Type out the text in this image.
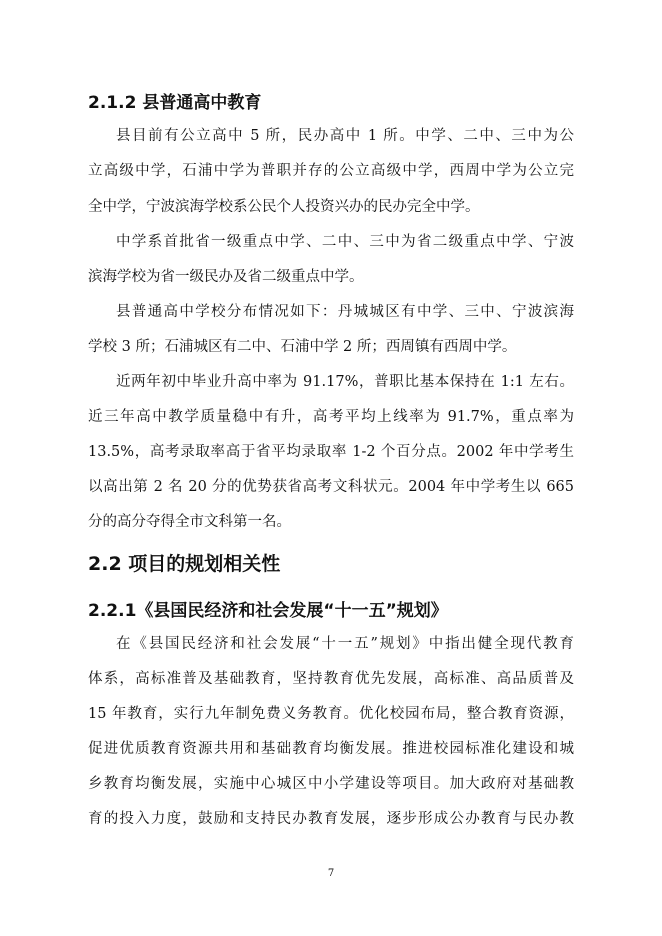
2.1.2 县普通高中教育

县目前有公立高中 5 所，民办高中 1 所。中学、二中、三中为公

立高级中学，石浦中学为普职并存的公立高级中学，西周中学为公立完

全中学，宁波滨海学校系公民个人投资兴办的民办完全中学。

中学系首批省一级重点中学、二中、三中为省二级重点中学、宁波

滨海学校为省一级民办及省二级重点中学。

县普通高中学校分布情况如下：丹城城区有中学、三中、宁波滨海

学校 3 所；石浦城区有二中、石浦中学 2 所；西周镇有西周中学。

近两年初中毕业升高中率为 91.17%，普职比基本保持在 1:1 左右。

近三年高中教学质量稳中有升，高考平均上线率为 91.7%，重点率为

13.5%，高考录取率高于省平均录取率 1-2 个百分点。2002 年中学考生

以高出第 2 名 20 分的优势获省高考文科状元。2004 年中学考生以 665

分的高分夺得全市文科第一名。

2.2 项目的规划相关性
2.2.1《县国民经济和社会发展“十一五”规划》

在《县国民经济和社会发展“十一五”规划》中指出健全现代教育

体系，高标准普及基础教育，坚持教育优先发展，高标准、高品质普及

15 年教育，实行九年制免费义务教育。优化校园布局，整合教育资源，

促进优质教育资源共用和基础教育均衡发展。推进校园标准化建设和城

乡教育均衡发展，实施中心城区中小学建设等项目。加大政府对基础教

育的投入力度，鼓励和支持民办教育发展，逐步形成公办教育与民办教

7
